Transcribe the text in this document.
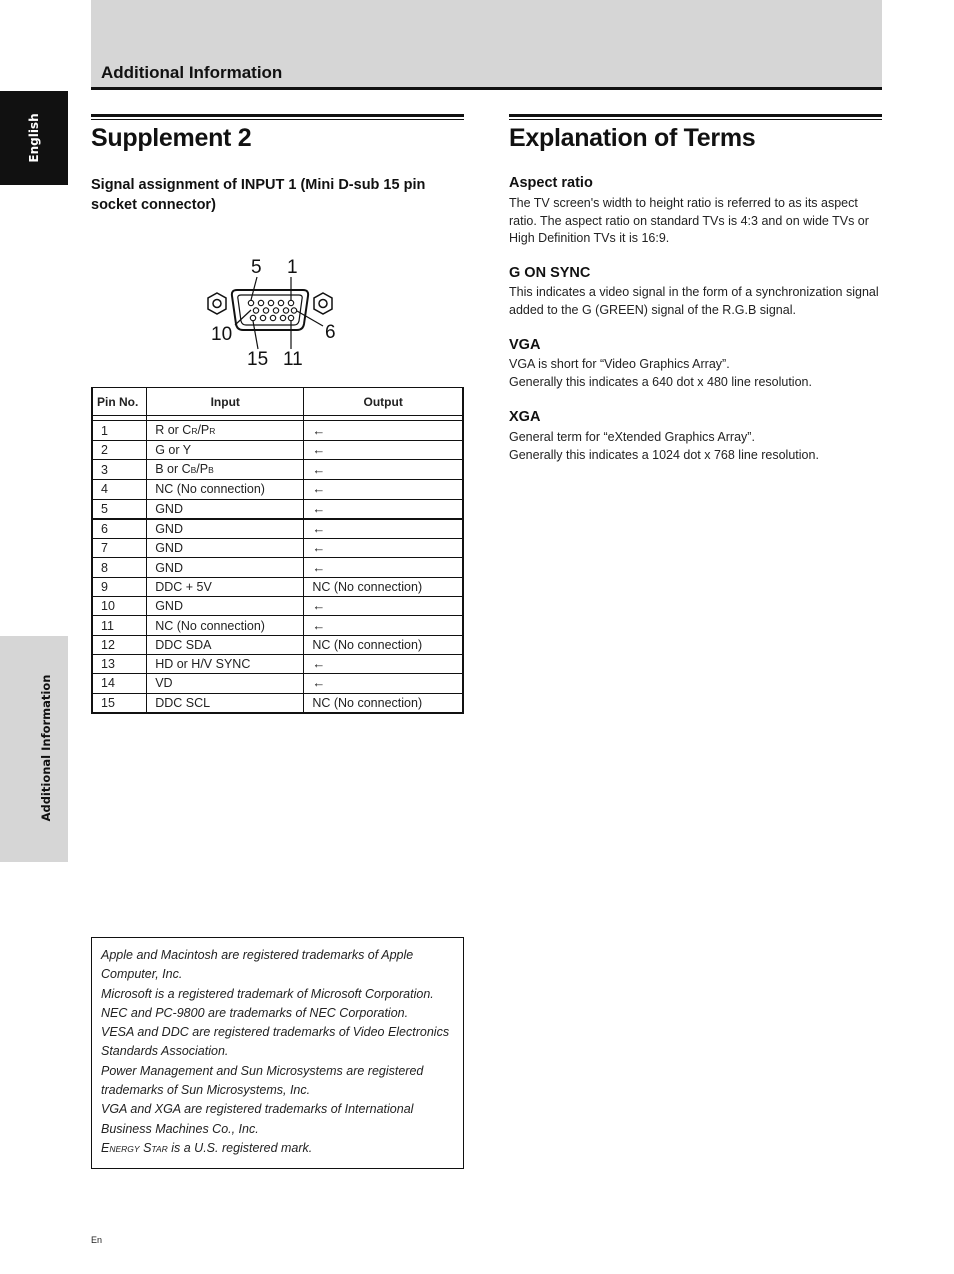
Additional Information
English
Additional Information
Supplement 2
Signal assignment of INPUT 1 (Mini D-sub 15 pin socket connector)
5 1
10	6
15 11
Pin No.	Input	Output

1	R or CR/PR	←
2	G or Y	←
3	B or CB/PB	←
4	NC (No connection)	←
5	GND	←
6	GND	←
7	GND	←
8	GND	←
9	DDC + 5V	NC (No connection)
10	GND	←
11	NC (No connection)	←
12	DDC SDA	NC (No connection)
13	HD or H/V SYNC	←
14	VD	←
15	DDC SCL	NC (No connection)
Apple and Macintosh are registered trademarks of Apple Computer, Inc.
Microsoft is a registered trademark of Microsoft Corporation.
NEC and PC-9800 are trademarks of NEC Corporation.
VESA and DDC are registered trademarks of Video Electronics Standards Association.
Power Management and Sun Microsystems are registered trademarks of Sun Microsystems, Inc.
VGA and XGA are registered trademarks of International Business Machines Co., Inc.
ENERGY STAR is a U.S. registered mark.
Explanation of Terms
Aspect ratio
The TV screen's width to height ratio is referred to as its aspect ratio. The aspect ratio on standard TVs is 4:3 and on wide TVs or High Definition TVs it is 16:9.
G ON SYNC
This indicates a video signal in the form of a synchronization signal added to the G (GREEN) signal of the R.G.B signal.
VGA
VGA is short for “Video Graphics Array”.
Generally this indicates a 640 dot x 480 line resolution.
XGA
General term for “eXtended Graphics Array”.
Generally this indicates a 1024 dot x 768 line resolution.
En
